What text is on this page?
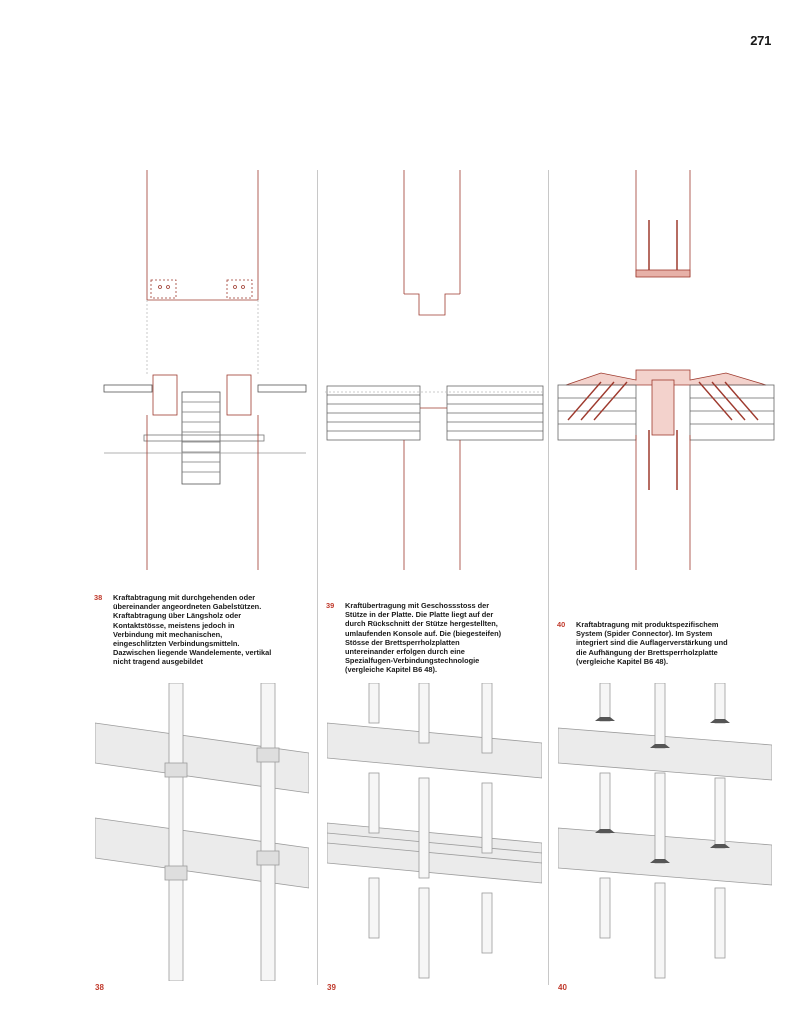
271
38 Kraftabtragung mit durchgehenden oder übereinander angeordneten Gabelstützen. Kraftabtragung über Längsholz oder Kontaktstösse, meistens jedoch in Verbindung mit mechanischen, eingeschlitzten Verbindungsmitteln. Dazwischen liegende Wandelemente, vertikal nicht tragend ausgebildet
39 Kraftübertragung mit Geschossstoss der Stütze in der Platte. Die Platte liegt auf der durch Rückschnitt der Stütze hergestellten, umlaufenden Konsole auf. Die (biegesteifen) Stösse der Brettsperrholzplatten untereinander erfolgen durch eine Spezialfugen-Verbindungstechnologie (vergleiche Kapitel B6 48).
40 Kraftabtragung mit produktspezifischem System (Spider Connector). Im System integriert sind die Auflagerverstärkung und die Aufhängung der Brettsperrholzplatte (vergleiche Kapitel B6 48).
38	39	40
